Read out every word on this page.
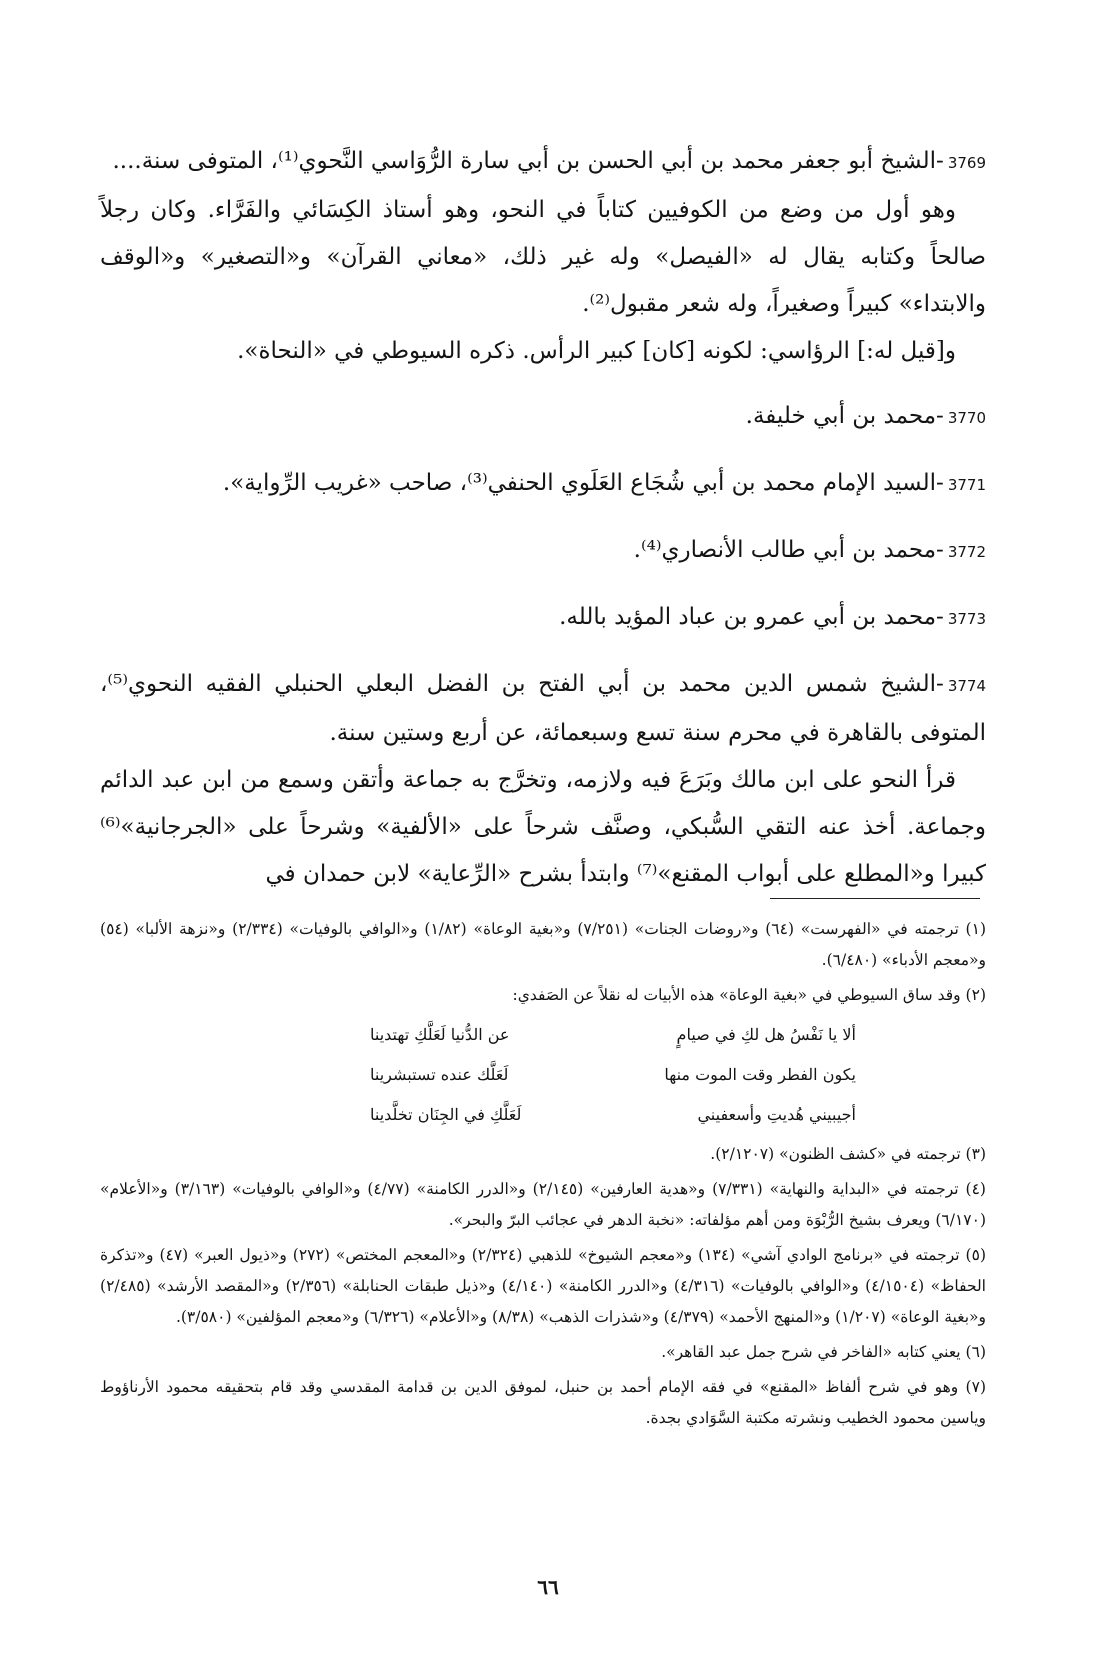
3769-الشيخ أبو جعفر محمد بن أبي الحسن بن أبي سارة الرُّوَاسي النَّحوي⁽¹⁾، المتوفى سنة....

وهو أول من وضع من الكوفيين كتاباً في النحو، وهو أستاذ الكِسَائي والفَرَّاء. وكان رجلاً صالحاً وكتابه يقال له «الفيصل» وله غير ذلك، «معاني القرآن» و«التصغير» و«الوقف والابتداء» كبيراً وصغيراً، وله شعر مقبول⁽²⁾.

و[قيل له:] الرؤاسي: لكونه [كان] كبير الرأس. ذكره السيوطي في «النحاة».

3770-محمد بن أبي خليفة.

3771-السيد الإمام محمد بن أبي شُجَاع العَلَوي الحنفي⁽³⁾، صاحب «غريب الرِّواية».

3772-محمد بن أبي طالب الأنصاري⁽⁴⁾.

3773-محمد بن أبي عمرو بن عباد المؤيد بالله.

3774-الشيخ شمس الدين محمد بن أبي الفتح بن الفضل البعلي الحنبلي الفقيه النحوي⁽⁵⁾، المتوفى بالقاهرة في محرم سنة تسع وسبعمائة، عن أربع وستين سنة.

قرأ النحو على ابن مالك وبَرَعَ فيه ولازمه، وتخرَّج به جماعة وأتقن وسمع من ابن عبد الدائم وجماعة. أخذ عنه التقي السُّبكي، وصنَّف شرحاً على «الألفية» وشرحاً على «الجرجانية»⁽⁶⁾ كبيرا و«المطلع على أبواب المقنع»⁽⁷⁾ وابتدأ بشرح «الرِّعاية» لابن حمدان في

(١) ترجمته في «الفهرست» (٦٤) و«روضات الجنات» (٧/٢٥١) و«بغية الوعاة» (١/٨٢) و«الوافي بالوفيات» (٢/٣٣٤) و«نزهة الألبا» (٥٤) و«معجم الأدباء» (٦/٤٨٠).

(٢) وقد ساق السيوطي في «بغية الوعاة» هذه الأبيات له نقلاً عن الصَفدي:

ألا يا نَفْسُ هل لكِ في صيامٍ
عن الدُّنيا لَعَلَّكِ تهتدينا
يكون الفطر وقت الموت منها
لَعَلَّك عنده تستبشرينا
أجيبيني هُديتِ وأسعفيني
لَعَلَّكِ في الجِنَان تخلَّدينا

(٣) ترجمته في «كشف الظنون» (٢/١٢٠٧).

(٤) ترجمته في «البداية والنهاية» (٧/٣٣١) و«هدية العارفين» (٢/١٤٥) و«الدرر الكامنة» (٤/٧٧) و«الوافي بالوفيات» (٣/١٦٣) و«الأعلام» (٦/١٧٠) ويعرف بشيخ الرُّبْوَة ومن أهم مؤلفاته: «نخبة الدهر في عجائب البرّ والبحر».

(٥) ترجمته في «برنامج الوادي آشي» (١٣٤) و«معجم الشيوخ» للذهبي (٢/٣٢٤) و«المعجم المختص» (٢٧٢) و«ذيول العبر» (٤٧) و«تذكرة الحفاظ» (٤/١٥٠٤) و«الوافي بالوفيات» (٤/٣١٦) و«الدرر الكامنة» (٤/١٤٠) و«ذيل طبقات الحنابلة» (٢/٣٥٦) و«المقصد الأرشد» (٢/٤٨٥) و«بغية الوعاة» (١/٢٠٧) و«المنهج الأحمد» (٤/٣٧٩) و«شذرات الذهب» (٨/٣٨) و«الأعلام» (٦/٣٢٦) و«معجم المؤلفين» (٣/٥٨٠).

(٦) يعني كتابه «الفاخر في شرح جمل عبد القاهر».

(٧) وهو في شرح ألفاظ «المقنع» في فقه الإمام أحمد بن حنبل، لموفق الدين بن قدامة المقدسي وقد قام بتحقيقه محمود الأرناؤوط وياسين محمود الخطيب ونشرته مكتبة السَّوَادي بجدة.

٦٦
